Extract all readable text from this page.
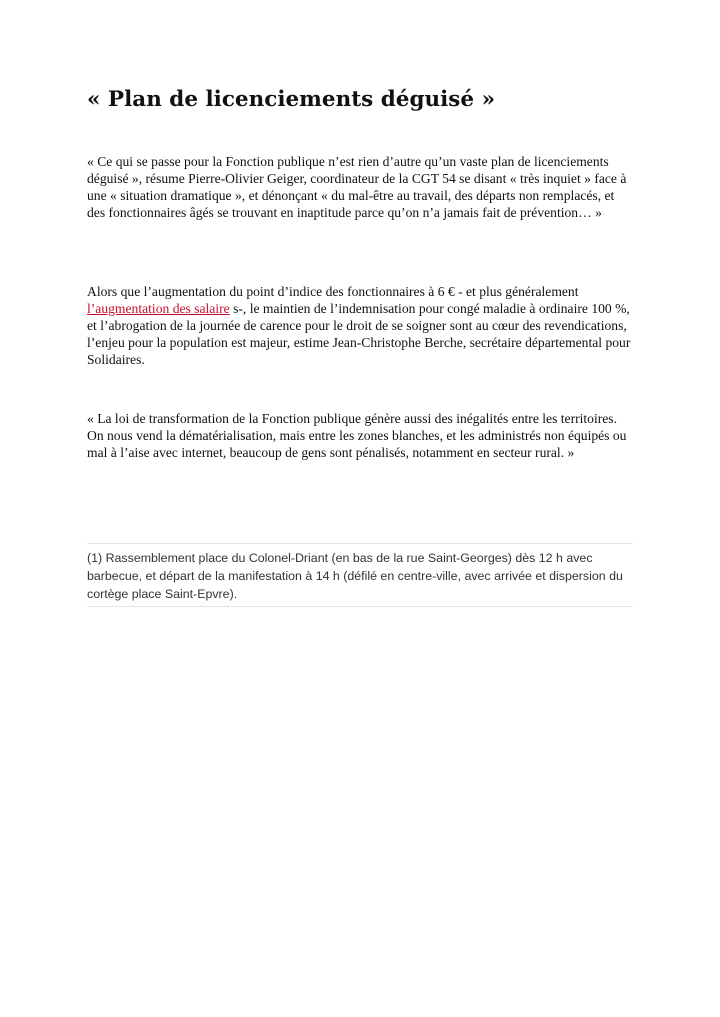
« Plan de licenciements déguisé »

« Ce qui se passe pour la Fonction publique n’est rien d’autre qu’un vaste plan de licenciements déguisé », résume Pierre-Olivier Geiger, coordinateur de la CGT 54 se disant « très inquiet » face à une « situation dramatique », et dénonçant « du mal-être au travail, des départs non remplacés, et des fonctionnaires âgés se trouvant en inaptitude parce qu’on n’a jamais fait de prévention… »

Alors que l’augmentation du point d’indice des fonctionnaires à 6 € - et plus généralement l’augmentation des salaire s-, le maintien de l’indemnisation pour congé maladie à ordinaire 100 %, et l’abrogation de la journée de carence pour le droit de se soigner sont au cœur des revendications, l’enjeu pour la population est majeur, estime Jean-Christophe Berche, secrétaire départemental pour Solidaires.

« La loi de transformation de la Fonction publique génère aussi des inégalités entre les territoires. On nous vend la dématérialisation, mais entre les zones blanches, et les administrés non équipés ou mal à l’aise avec internet, beaucoup de gens sont pénalisés, notamment en secteur rural. »

(1) Rassemblement place du Colonel-Driant (en bas de la rue Saint-Georges) dès 12 h avec barbecue, et départ de la manifestation à 14 h (défilé en centre-ville, avec arrivée et dispersion du cortège place Saint-Epvre).
